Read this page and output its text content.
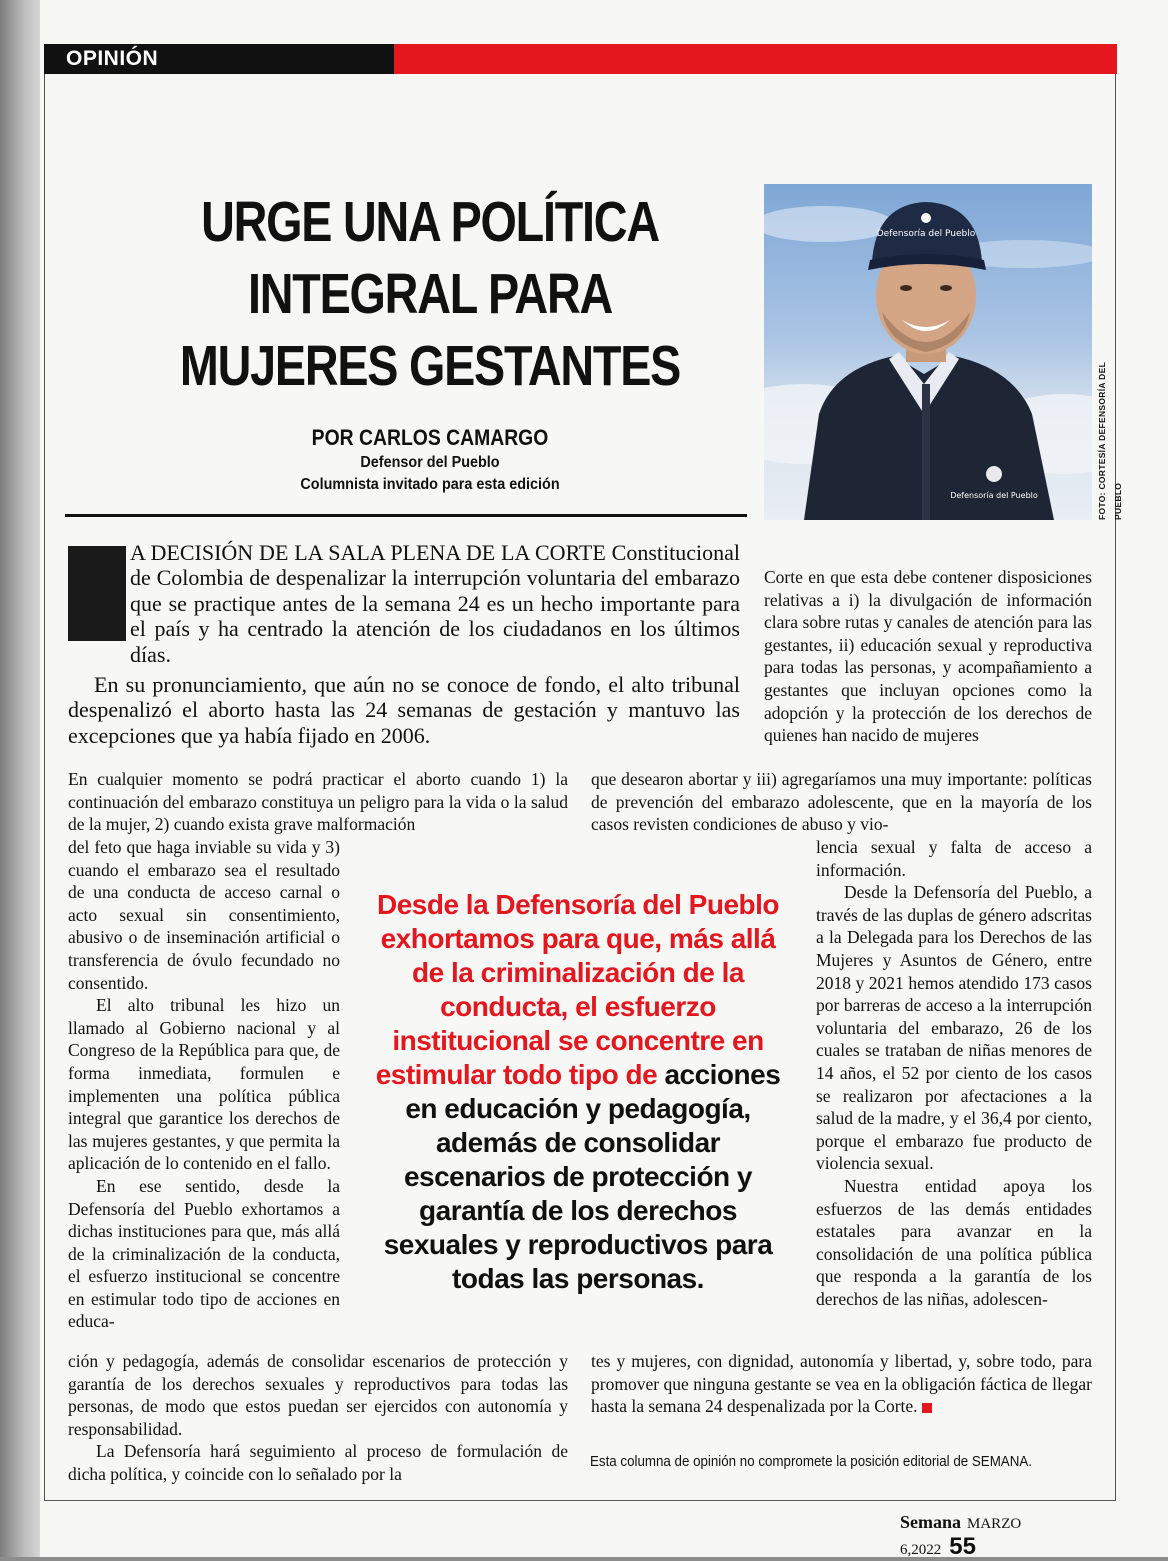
OPINIÓN
URGE UNA POLÍTICA
INTEGRAL PARA
MUJERES GESTANTES
POR CARLOS CAMARGO
Defensor del Pueblo
Columnista invitado para esta edición
Defensoría del Pueblo
Defensoría del Pueblo	FOTO: CORTESÍA DEFENSORÍA DEL PUEBLO

A DECISIÓN DE LA SALA PLENA DE LA CORTE Constitucional de Colombia de despenalizar la interrupción voluntaria del embarazo que se practique antes de la semana 24 es un hecho importante para el país y ha centrado la atención de los ciudadanos en los últimos días.

En su pronunciamiento, que aún no se conoce de fondo, el alto tribunal despenalizó el aborto hasta las 24 semanas de gestación y mantuvo las excepciones que ya había fijado en 2006.

Corte en que esta debe contener disposiciones relativas a i) la divulgación de información clara sobre rutas y canales de atención para las gestantes, ii) educación sexual y reproductiva para todas las personas, y acompañamiento a gestantes que incluyan opciones como la adopción y la protección de los derechos de quienes han nacido de mujeres

En cualquier momento se podrá practicar el aborto cuando 1) la continuación del embarazo constituya un peligro para la vida o la salud de la mujer, 2) cuando exista grave malformación

que desearon abortar y iii) agregaríamos una muy importante: políticas de prevención del embarazo adolescente, que en la mayoría de los casos revisten condiciones de abuso y vio-

del feto que haga inviable su vida y 3) cuando el embarazo sea el resultado de una conducta de acceso carnal o acto sexual sin consentimiento, abusivo o de inseminación artificial o transferencia de óvulo fecundado no consentido.

El alto tribunal les hizo un llamado al Gobierno nacional y al Congreso de la República para que, de forma inmediata, formulen e implementen una política pública integral que garantice los derechos de las mujeres gestantes, y que permita la aplicación de lo contenido en el fallo.

En ese sentido, desde la Defensoría del Pueblo exhortamos a dichas instituciones para que, más allá de la criminalización de la conducta, el esfuerzo institucional se concentre en estimular todo tipo de acciones en educa-

lencia sexual y falta de acceso a información.

Desde la Defensoría del Pueblo, a través de las duplas de género adscritas a la Delegada para los Derechos de las Mujeres y Asuntos de Género, entre 2018 y 2021 hemos atendido 173 casos por barreras de acceso a la interrupción voluntaria del embarazo, 26 de los cuales se trataban de niñas menores de 14 años, el 52 por ciento de los casos se realizaron por afectaciones a la salud de la madre, y el 36,4 por ciento, porque el embarazo fue producto de violencia sexual.

Nuestra entidad apoya los esfuerzos de las demás entidades estatales para avanzar en la consolidación de una política pública que responda a la garantía de los derechos de las niñas, adolescen-

Desde la Defensoría del Pueblo exhortamos para que, más allá de la criminalización de la conducta, el esfuerzo institucional se concentre en estimular todo tipo de acciones en educación y pedagogía, además de consolidar escenarios de protección y garantía de los derechos sexuales y reproductivos para todas las personas.

ción y pedagogía, además de consolidar escenarios de protección y garantía de los derechos sexuales y reproductivos para todas las personas, de modo que estos puedan ser ejercidos con autonomía y responsabilidad.

La Defensoría hará seguimiento al proceso de formulación de dicha política, y coincide con lo señalado por la

tes y mujeres, con dignidad, autonomía y libertad, y, sobre todo, para promover que ninguna gestante se vea en la obligación fáctica de llegar hasta la semana 24 despenalizada por la Corte.

Esta columna de opinión no compromete la posición editorial de SEMANA.
Semana MARZO 6,2022 55
